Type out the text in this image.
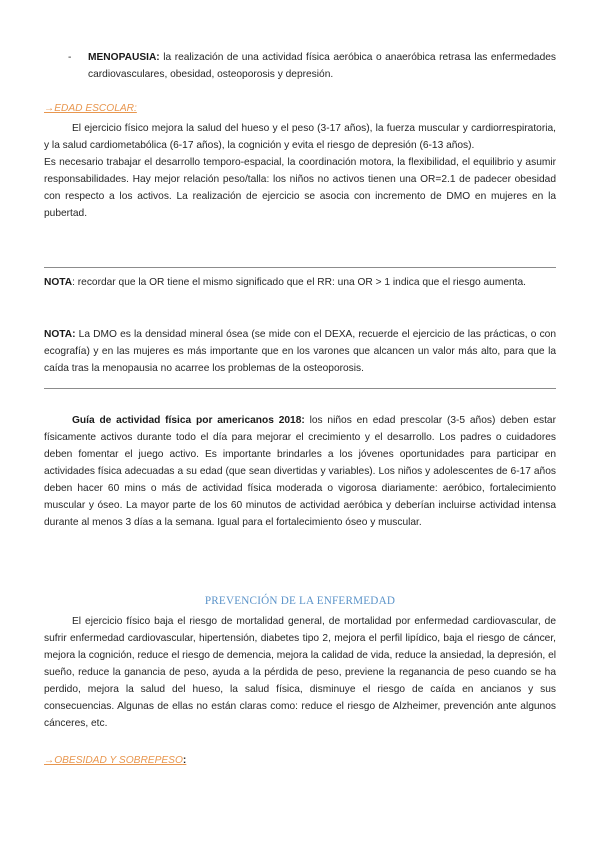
-	MENOPAUSIA: la realización de una actividad física aeróbica o anaeróbica retrasa las enfermedades cardiovasculares, obesidad, osteoporosis y depresión.

→EDAD ESCOLAR:

El ejercicio físico mejora la salud del hueso y el peso (3-17 años), la fuerza muscular y cardiorrespiratoria, y la salud cardiometabólica (6-17 años), la cognición y evita el riesgo de depresión (6-13 años).

Es necesario trabajar el desarrollo temporo-espacial, la coordinación motora, la flexibilidad, el equilibrio y asumir responsabilidades. Hay mejor relación peso/talla: los niños no activos tienen una OR=2.1 de padecer obesidad con respecto a los activos. La realización de ejercicio se asocia con incremento de DMO en mujeres en la pubertad.

NOTA: recordar que la OR tiene el mismo significado que el RR: una OR > 1 indica que el riesgo aumenta.

NOTA: La DMO es la densidad mineral ósea (se mide con el DEXA, recuerde el ejercicio de las prácticas, o con ecografía) y en las mujeres es más importante que en los varones que alcancen un valor más alto, para que la caída tras la menopausia no acarree los problemas de la osteoporosis.

Guía de actividad física por americanos 2018: los niños en edad prescolar (3-5 años) deben estar físicamente activos durante todo el día para mejorar el crecimiento y el desarrollo. Los padres o cuidadores deben fomentar el juego activo. Es importante brindarles a los jóvenes oportunidades para participar en actividades física adecuadas a su edad (que sean divertidas y variables). Los niños y adolescentes de 6-17 años deben hacer 60 mins o más de actividad física moderada o vigorosa diariamente: aeróbico, fortalecimiento muscular y óseo. La mayor parte de los 60 minutos de actividad aeróbica y deberían incluirse actividad intensa durante al menos 3 días a la semana. Igual para el fortalecimiento óseo y muscular.

PREVENCIÓN DE LA ENFERMEDAD

El ejercicio físico baja el riesgo de mortalidad general, de mortalidad por enfermedad cardiovascular, de sufrir enfermedad cardiovascular, hipertensión, diabetes tipo 2, mejora el perfil lipídico, baja el riesgo de cáncer, mejora la cognición, reduce el riesgo de demencia, mejora la calidad de vida, reduce la ansiedad, la depresión, el sueño, reduce la ganancia de peso, ayuda a la pérdida de peso, previene la reganancia de peso cuando se ha perdido, mejora la salud del hueso, la salud física, disminuye el riesgo de caída en ancianos y sus consecuencias. Algunas de ellas no están claras como: reduce el riesgo de Alzheimer, prevención ante algunos cánceres, etc.

→OBESIDAD Y SOBREPESO:
